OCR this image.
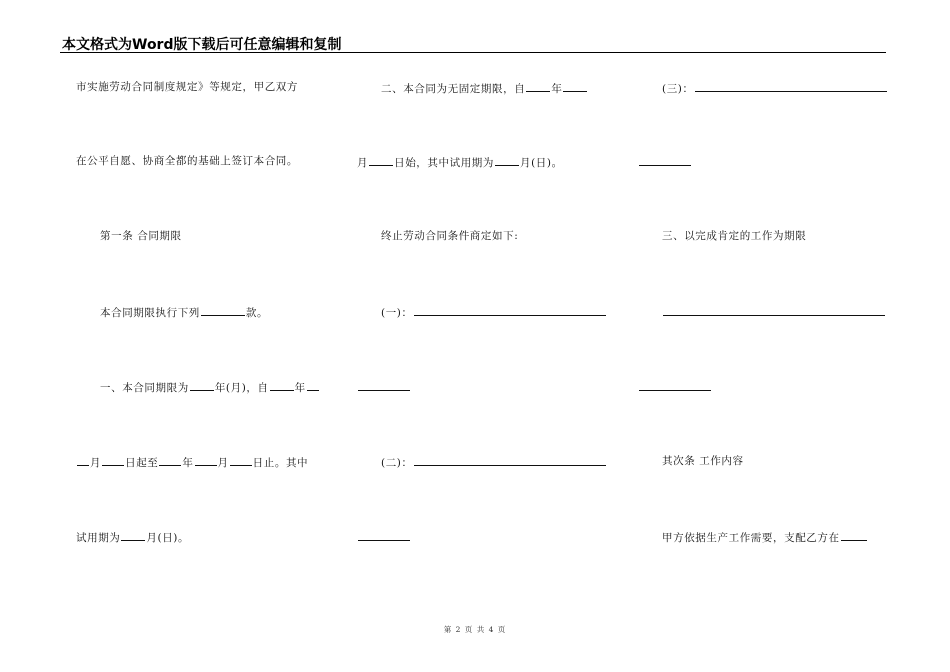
本文格式为Word版下载后可任意编辑和复制
市实施劳动合同制度规定》等规定，甲乙双方
在公平自愿、协商全都的基础上签订本合同。
第一条 合同期限
本合同期限执行下列	款。
一、本合同期限为 年(月)，自 年
月 日起至 年 月 日止。其中
试用期为 月(日)。
二、本合同为无固定期限，自 年
月 日始，其中试用期为 月(日)。
终止劳动合同条件商定如下:
(一)：
(二)：
(三)：
三、以完成肯定的工作为期限
其次条 工作内容
甲方依据生产工作需要，支配乙方在
第 2 页 共 4 页
